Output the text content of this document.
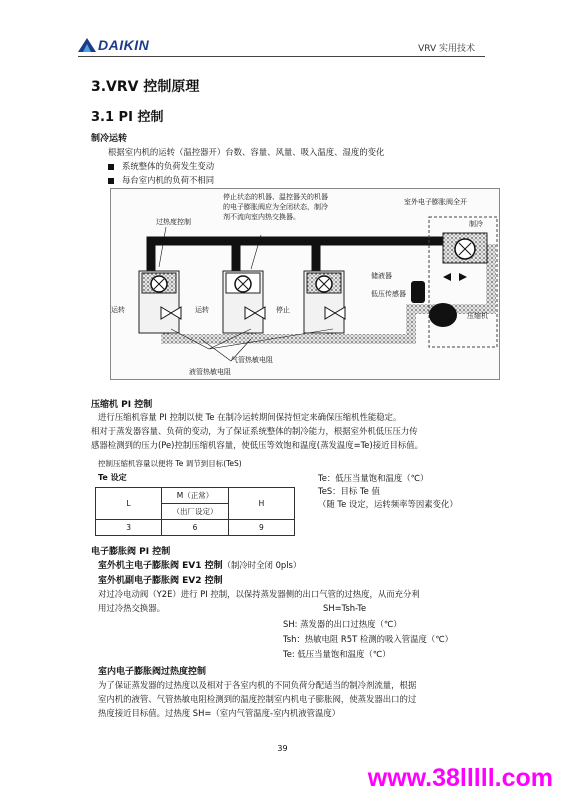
DAIKIN	VRV 实用技术
3.VRV 控制原理
3.1 PI 控制
制冷运转
根据室内机的运转（温控器开）台数、容量、风量、吸入温度、湿度的变化
系统整体的负荷发生变动
每台室内机的负荷不相同
停止状态的机器、温控器关的机器
的电子膨胀阀应为全闭状态，制冷
剂不流向室内热交换器。
室外电子膨胀阀全开
过热度控制	制冷
储液器
低压传感器
压缩机
运转	运转	停止
气管热敏电阻
液管热敏电阻
压缩机 PI 控制
进行压缩机容量 PI 控制以使 Te 在制冷运转期间保持恒定来确保压缩机性能稳定。
相对于蒸发器容量、负荷的变动，为了保证系统整体的制冷能力，根据室外机低压压力传
感器检测到的压力(Pe)控制压缩机容量，使低压等效饱和温度(蒸发温度=Te)接近目标值。
控制压缩机容量以便将 Te 调节到目标(TeS)
Te 设定
L	M（正常）	H
	（出厂设定）	
3	6	9
Te：低压当量饱和温度（℃）
TeS：目标 Te 值
（随 Te 设定，运转频率等因素变化）
电子膨胀阀 PI 控制
室外机主电子膨胀阀 EV1 控制（制冷时全闭 0pls）
室外机副电子膨胀阀 EV2 控制
对过冷电动阀（Y2E）进行 PI 控制，以保持蒸发器侧的出口气管的过热度，从而充分利
用过冷热交换器。	SH=Tsh-Te
SH: 蒸发器的出口过热度（℃）
Tsh：热敏电阻 R5T 检测的吸入管温度（℃）
Te: 低压当量饱和温度（℃）
室内电子膨胀阀过热度控制
为了保证蒸发器的过热度以及相对于各室内机的不同负荷分配适当的制冷剂流量，根据
室内机的液管、气管热敏电阻检测到的温度控制室内机电子膨胀阀，使蒸发器出口的过
热度接近目标值。过热度 SH=（室内气管温度-室内机液管温度）
39
www.38lllll.com
